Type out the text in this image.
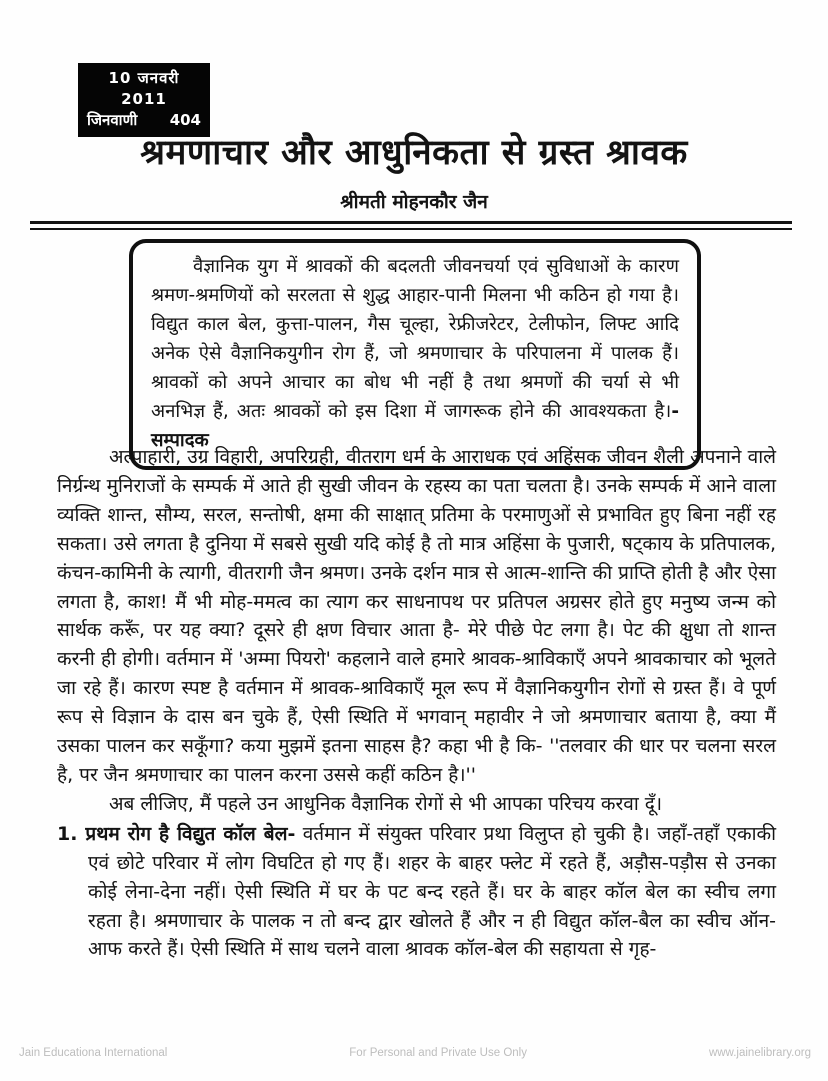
10 जनवरी 2011
जिनवाणी 404
श्रमणाचार और आधुनिकता से ग्रस्त श्रावक
श्रीमती मोहनकौर जैन
वैज्ञानिक युग में श्रावकों की बदलती जीवनचर्या एवं सुविधाओं के कारण श्रमण-श्रमणियों को सरलता से शुद्ध आहार-पानी मिलना भी कठिन हो गया है। विद्युत काल बेल, कुत्ता-पालन, गैस चूल्हा, रेफ्रीजरेटर, टेलीफोन, लिफ्ट आदि अनेक ऐसे वैज्ञानिकयुगीन रोग हैं, जो श्रमणाचार के परिपालना में पालक हैं। श्रावकों को अपने आचार का बोध भी नहीं है तथा श्रमणों की चर्या से भी अनभिज्ञ हैं, अतः श्रावकों को इस दिशा में जागरूक होने की आवश्यकता है।-सम्पादक

अल्पाहारी, उग्र विहारी, अपरिग्रही, वीतराग धर्म के आराधक एवं अहिंसक जीवन शैली अपनाने वाले निर्ग्रन्थ मुनिराजों के सम्पर्क में आते ही सुखी जीवन के रहस्य का पता चलता है। उनके सम्पर्क में आने वाला व्यक्ति शान्त, सौम्य, सरल, सन्तोषी, क्षमा की साक्षात् प्रतिमा के परमाणुओं से प्रभावित हुए बिना नहीं रह सकता। उसे लगता है दुनिया में सबसे सुखी यदि कोई है तो मात्र अहिंसा के पुजारी, षट्काय के प्रतिपालक, कंचन-कामिनी के त्यागी, वीतरागी जैन श्रमण। उनके दर्शन मात्र से आत्म-शान्ति की प्राप्ति होती है और ऐसा लगता है, काश! मैं भी मोह-ममत्व का त्याग कर साधनापथ पर प्रतिपल अग्रसर होते हुए मनुष्य जन्म को सार्थक करूँ, पर यह क्या? दूसरे ही क्षण विचार आता है- मेरे पीछे पेट लगा है। पेट की क्षुधा तो शान्त करनी ही होगी। वर्तमान में 'अम्मा पियरो' कहलाने वाले हमारे श्रावक-श्राविकाएँ अपने श्रावकाचार को भूलते जा रहे हैं। कारण स्पष्ट है वर्तमान में श्रावक-श्राविकाएँ मूल रूप में वैज्ञानिकयुगीन रोगों से ग्रस्त हैं। वे पूर्ण रूप से विज्ञान के दास बन चुके हैं, ऐसी स्थिति में भगवान् महावीर ने जो श्रमणाचार बताया है, क्या मैं उसका पालन कर सकूँगा? कया मुझमें इतना साहस है? कहा भी है कि- ''तलवार की धार पर चलना सरल है, पर जैन श्रमणाचार का पालन करना उससे कहीं कठिन है।''

अब लीजिए, मैं पहले उन आधुनिक वैज्ञानिक रोगों से भी आपका परिचय करवा दूँ।

1. प्रथम रोग है विद्युत कॉल बेल- वर्तमान में संयुक्त परिवार प्रथा विलुप्त हो चुकी है। जहाँ-तहाँ एकाकी एवं छोटे परिवार में लोग विघटित हो गए हैं। शहर के बाहर फ्लेट में रहते हैं, अड़ौस-पड़ौस से उनका कोई लेना-देना नहीं। ऐसी स्थिति में घर के पट बन्द रहते हैं। घर के बाहर कॉल बेल का स्वीच लगा रहता है। श्रमणाचार के पालक न तो बन्द द्वार खोलते हैं और न ही विद्युत कॉल-बैल का स्वीच ऑन-आफ करते हैं। ऐसी स्थिति में साथ चलने वाला श्रावक कॉल-बेल की सहायता से गृह-

Jain Educationa International	For Personal and Private Use Only	www.jainelibrary.org
